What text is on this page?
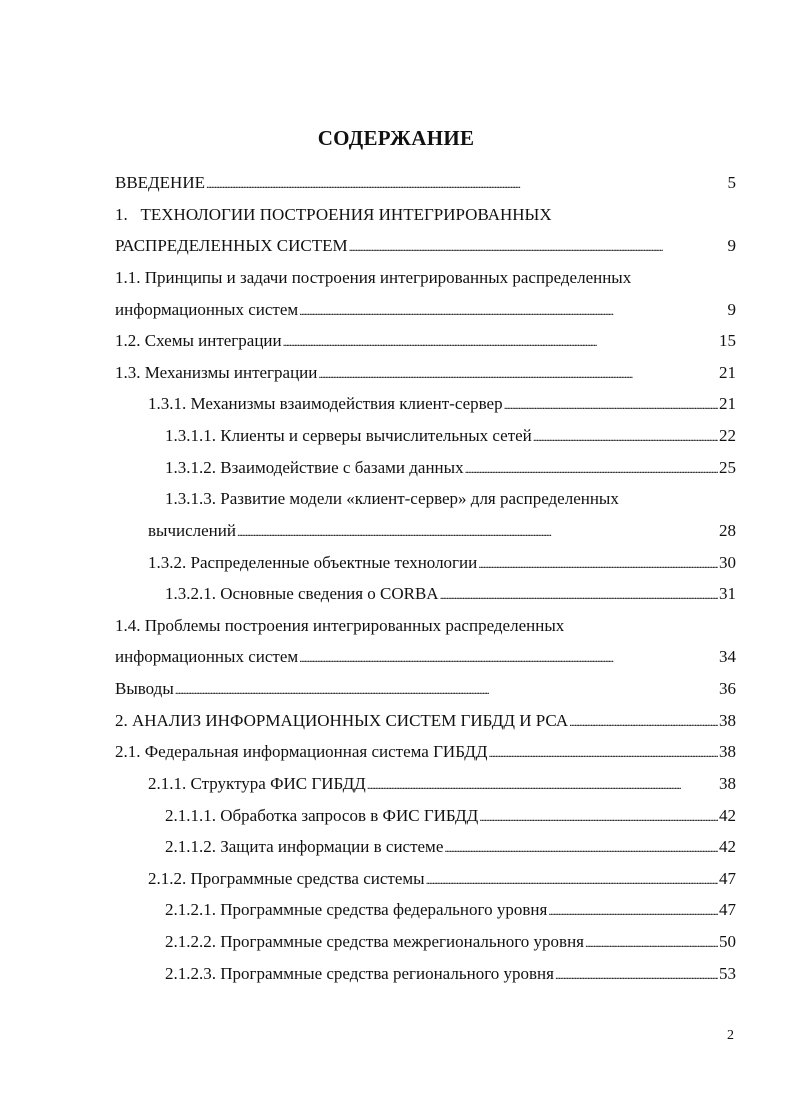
СОДЕРЖАНИЕ
ВВЕДЕНИЕ . . .	5
1.   ТЕХНОЛОГИИ ПОСТРОЕНИЯ ИНТЕГРИРОВАННЫХ
РАСПРЕДЕЛЕННЫХ СИСТЕМ . . .	9
1.1. Принципы и задачи построения интегрированных распределенных
информационных систем . . .	9
1.2. Схемы интеграции . . .	15
1.3. Механизмы интеграции . . .	21
1.3.1. Механизмы взаимодействия клиент-сервер . . .	21
1.3.1.1. Клиенты и серверы вычислительных сетей . . .	22
1.3.1.2. Взаимодействие с базами данных . . .	25
1.3.1.3. Развитие модели «клиент-сервер» для распределенных
вычислений . . .	28
1.3.2. Распределенные объектные технологии . . .	30
1.3.2.1. Основные сведения о CORBA . . .	31
1.4. Проблемы построения интегрированных распределенных
информационных систем . . .	34
Выводы . . .	36
2. АНАЛИЗ ИНФОРМАЦИОННЫХ СИСТЕМ ГИБДД И РСА . . .	38
2.1. Федеральная информационная система ГИБДД . . .	38
2.1.1. Структура ФИС ГИБДД . . .	38
2.1.1.1. Обработка запросов в ФИС ГИБДД . . .	42
2.1.1.2. Защита информации в системе . . .	42
2.1.2. Программные средства системы . . .	47
2.1.2.1. Программные средства федерального уровня . . .	47
2.1.2.2. Программные средства межрегионального уровня . . .	50
2.1.2.3. Программные средства регионального уровня . . .	53
2
